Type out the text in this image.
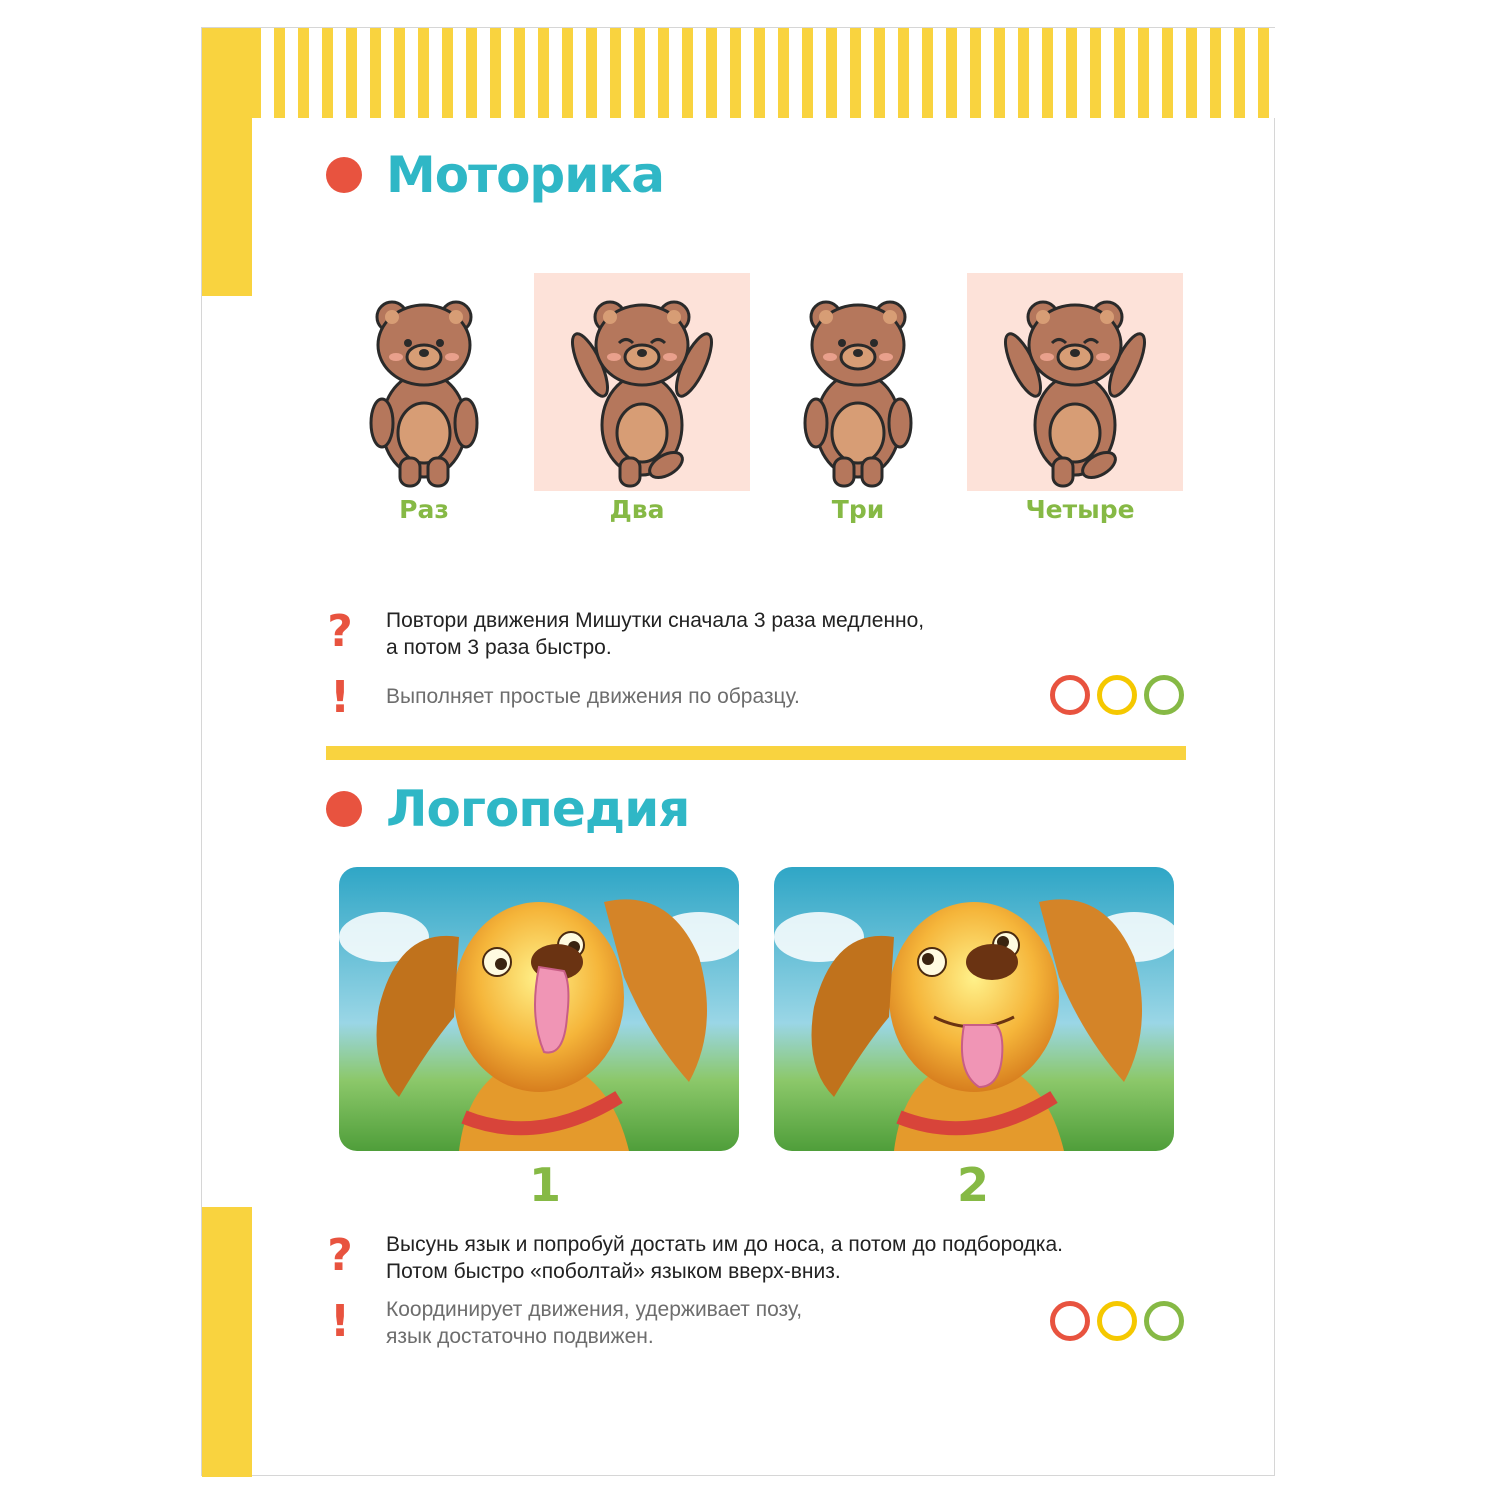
Моторика
Раз	Два	Три	Четыре
? Повтори движения Мишутки сначала 3 раза медленно,
а потом 3 раза быстро.
!	Выполняет простые движения по образцу.
Логопедия
1	2
? Высунь язык и попробуй достать им до носа, а потом до подбородка.
Потом быстро «поболтай» языком вверх-вниз.
!	Координирует движения, удерживает позу,
язык достаточно подвижен.
